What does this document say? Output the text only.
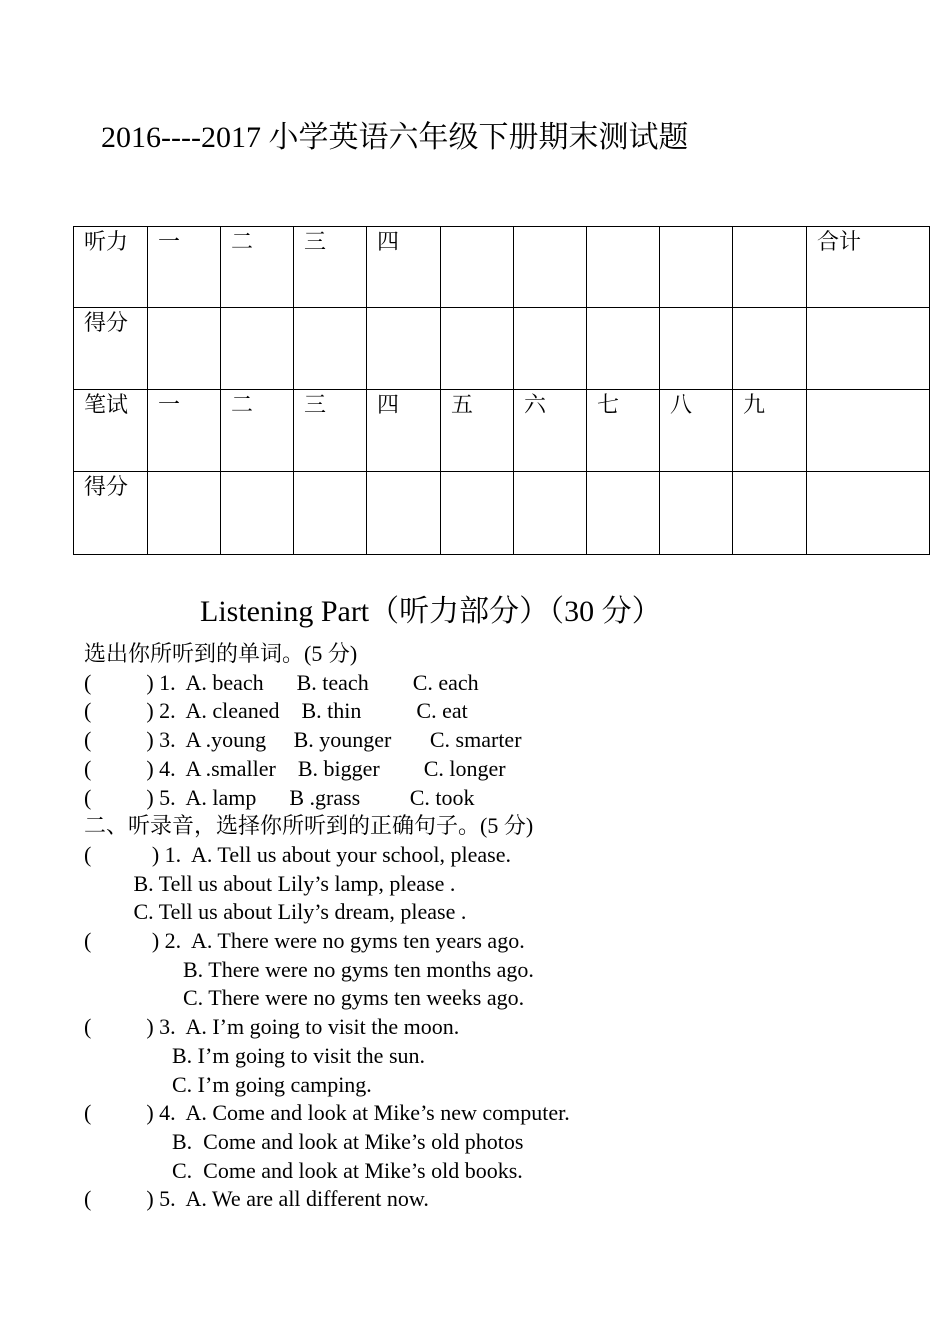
2016----2017 小学英语六年级下册期末测试题
听力	一	二	三	四						合计
得分										
笔试	一	二	三	四	五	六	七	八	九	
得分										
Listening Part（听力部分）（30 分）
选出你所听到的单词。(5 分)
(          ) 1.  A. beach      B. teach        C. each
(          ) 2.  A. cleaned    B. thin          C. eat
(          ) 3.  A .young     B. younger       C. smarter
(          ) 4.  A .smaller    B. bigger        C. longer
(          ) 5.  A. lamp      B .grass         C. took
二、听录音，选择你所听到的正确句子。(5 分)
(           ) 1.  A. Tell us about your school, please.
B. Tell us about Lily’s lamp, please .
C. Tell us about Lily’s dream, please .
(           ) 2.  A. There were no gyms ten years ago.
B. There were no gyms ten months ago.
C. There were no gyms ten weeks ago.
(          ) 3.  A. I’m going to visit the moon.
B. I’m going to visit the sun.
C. I’m going camping.
(          ) 4.  A. Come and look at Mike’s new computer.
B.  Come and look at Mike’s old photos
C.  Come and look at Mike’s old books.
(          ) 5.  A. We are all different now.
